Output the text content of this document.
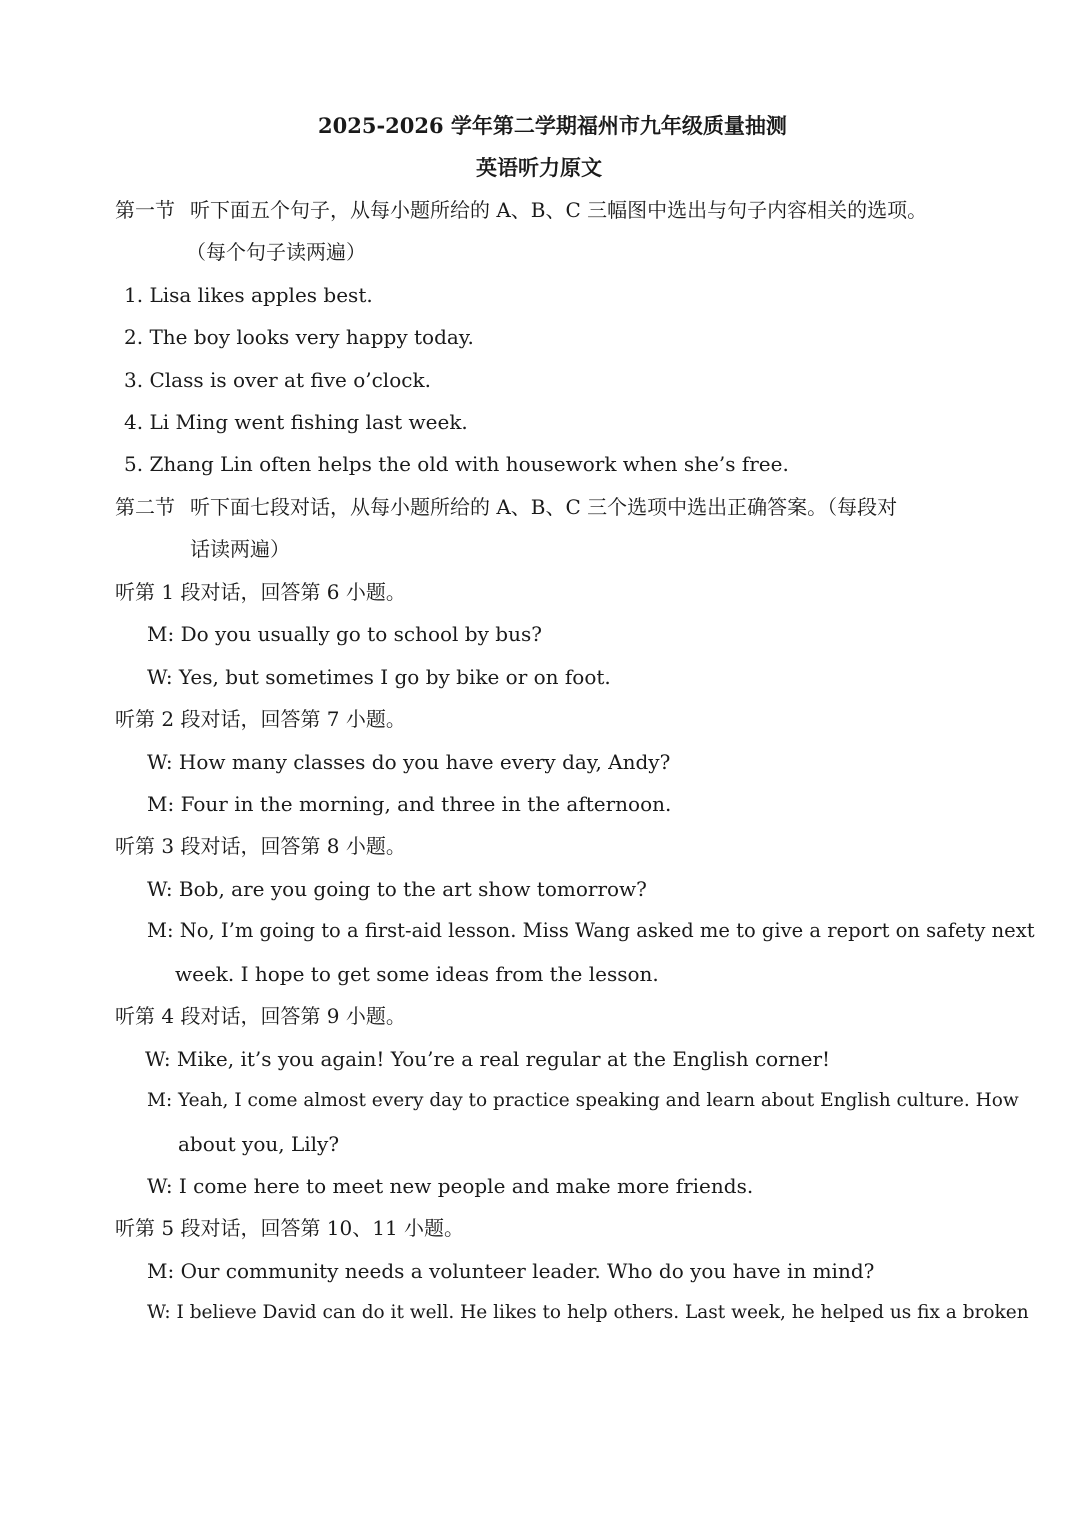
2025-2026 学年第二学期福州市九年级质量抽测
英语听力原文
第一节 听下面五个句子，从每小题所给的 A、B、C 三幅图中选出与句子内容相关的选项。
（每个句子读两遍）
1. Lisa likes apples best.
2. The boy looks very happy today.
3. Class is over at five o’clock.
4. Li Ming went fishing last week.
5. Zhang Lin often helps the old with housework when she’s free.
第二节 听下面七段对话，从每小题所给的 A、B、C 三个选项中选出正确答案。（每段对
话读两遍）
听第 1 段对话，回答第 6 小题。
M: Do you usually go to school by bus?
W: Yes, but sometimes I go by bike or on foot.
听第 2 段对话，回答第 7 小题。
W: How many classes do you have every day, Andy?
M: Four in the morning, and three in the afternoon.
听第 3 段对话，回答第 8 小题。
W: Bob, are you going to the art show tomorrow?
M: No, I’m going to a first-aid lesson. Miss Wang asked me to give a report on safety next
week. I hope to get some ideas from the lesson.
听第 4 段对话，回答第 9 小题。
W: Mike, it’s you again! You’re a real regular at the English corner!
M: Yeah, I come almost every day to practice speaking and learn about English culture. How
about you, Lily?
W: I come here to meet new people and make more friends.
听第 5 段对话，回答第 10、11 小题。
M: Our community needs a volunteer leader. Who do you have in mind?
W: I believe David can do it well. He likes to help others. Last week, he helped us fix a broken
